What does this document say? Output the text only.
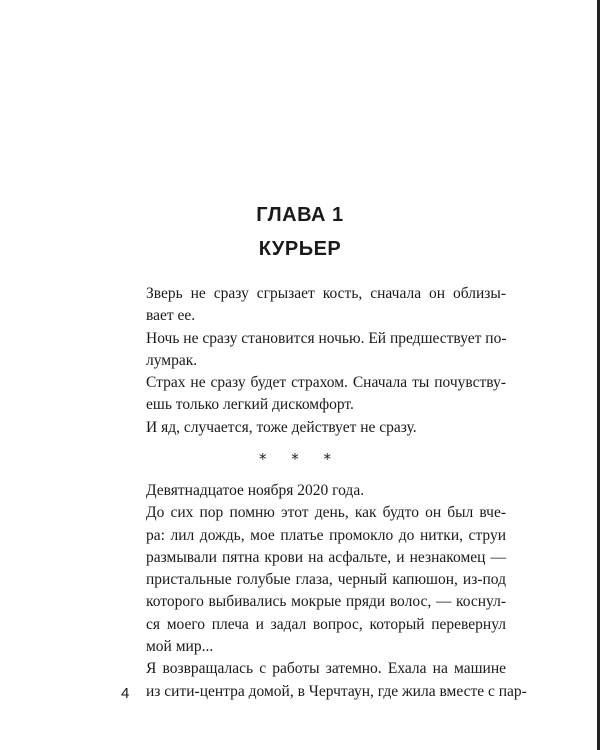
ГЛАВА 1
КУРЬЕР

Зверь не сразу сгрызает кость, сначала он облизы-
вает ее.

Ночь не сразу становится ночью. Ей предшествует по-
лумрак.

Страх не сразу будет страхом. Сначала ты почувству-
ешь только легкий дискомфорт.

И яд, случается, тоже действует не сразу.

* * *

Девятнадцатое ноября 2020 года.

До сих пор помню этот день, как будто он был вче-
ра: лил дождь, мое платье промокло до нитки, струи
размывали пятна крови на асфальте, и незнакомец —
пристальные голубые глаза, черный капюшон, из-под
которого выбивались мокрые пряди волос, — коснул-
ся моего плеча и задал вопрос, который перевернул
мой мир...

Я возвращалась с работы затемно. Ехала на машине
из сити-центра домой, в Черчтаун, где жила вместе с пар-

4
